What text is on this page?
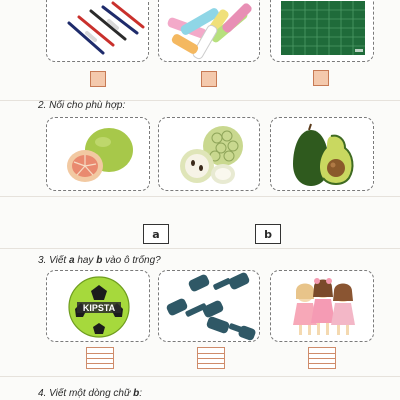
2. Nối cho phù hợp:
a	b
3. Viết a hay b vào ô trống?
KIPSTA
4. Viết một dòng chữ b:
